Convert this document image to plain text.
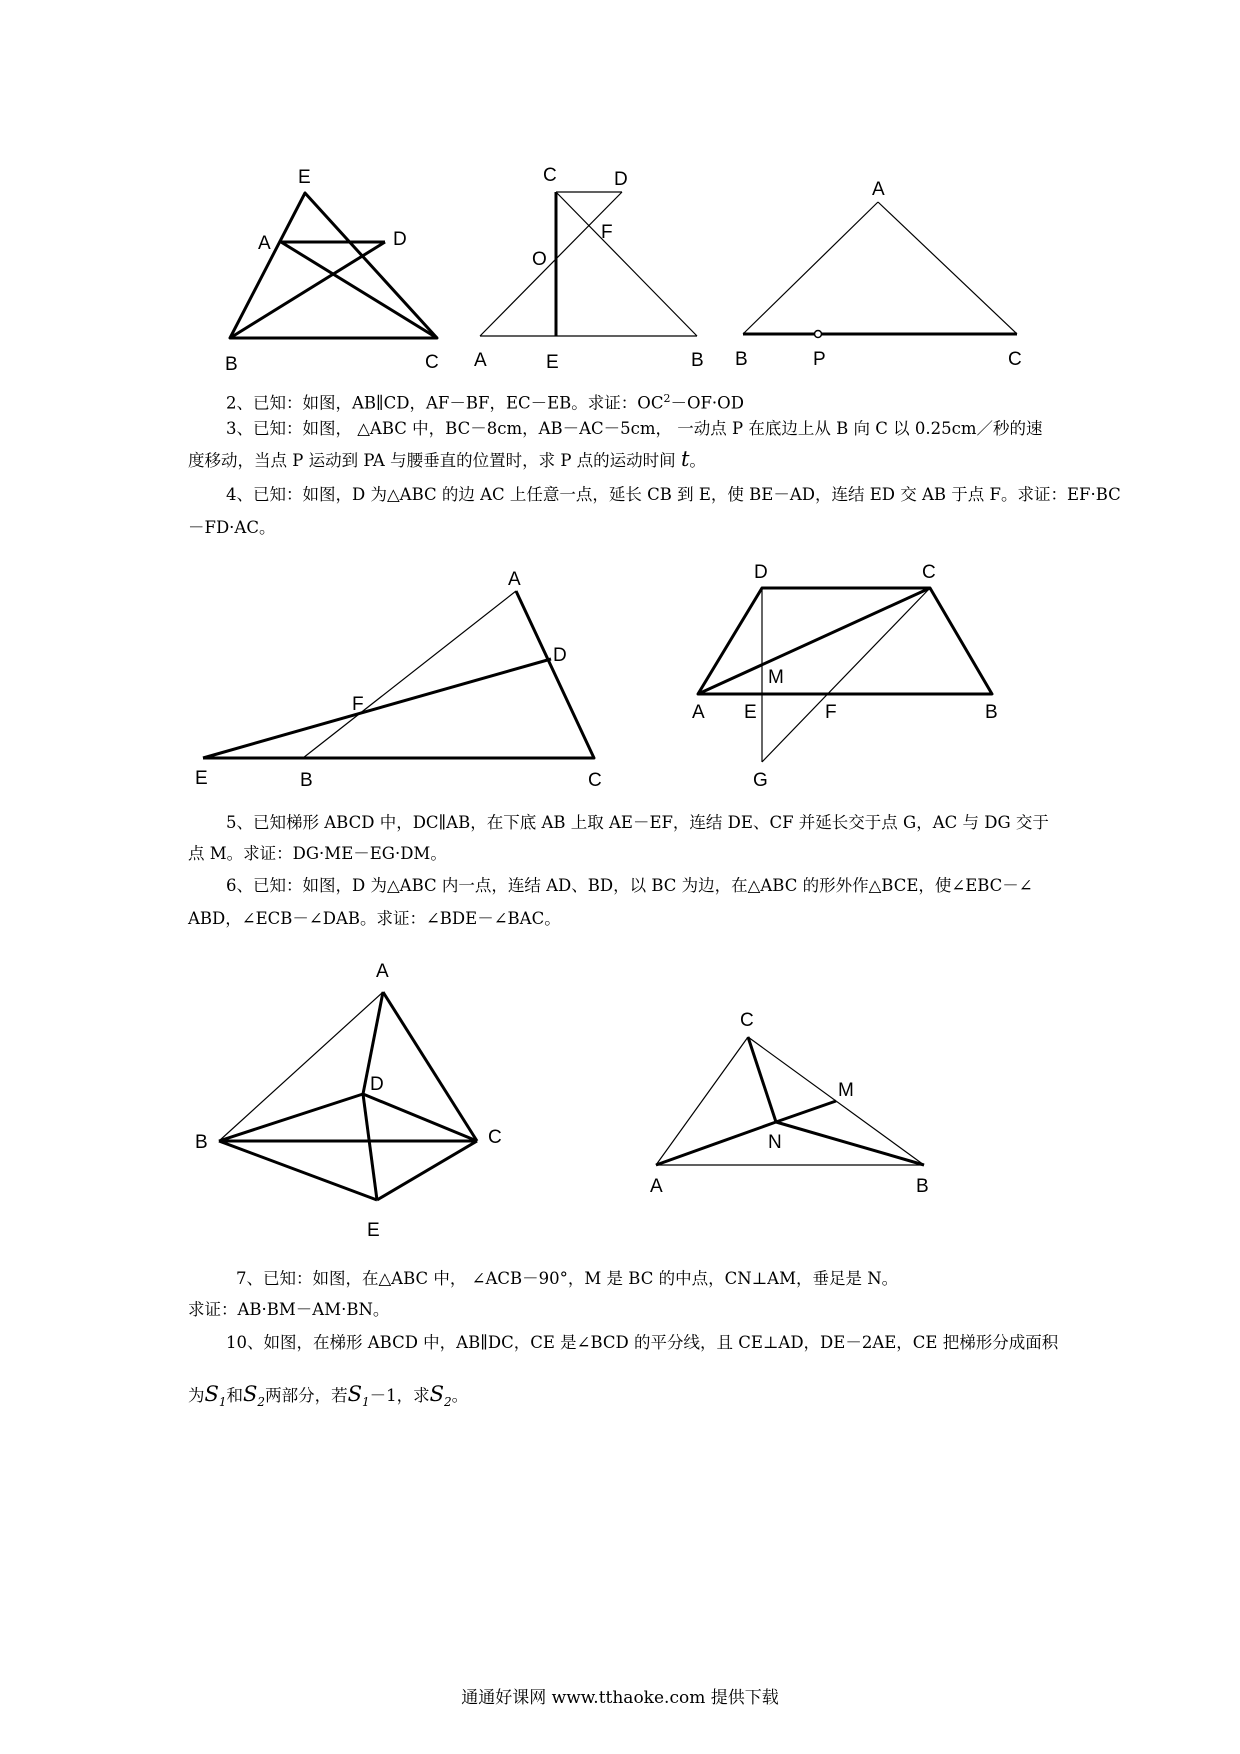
E
A	D
B	C
C	D
F
O
A	E	B
A
B	P	C
A
D
F
E	B	C
D	C
M
A E	F	B
G
A
D
B	C
E
C
M
N
A	B
2、已知：如图，AB∥CD，AF－BF，EC－EB。求证：$OC^2-OF\cdot OD$
3、已知：如图， △ABC 中，BC－8cm，AB－AC－5cm， 一动点 P 在底边上从 B 向 C 以 0.25cm／秒的速
度移动，当点 P 运动到 PA 与腰垂直的位置时，求 P 点的运动时间 t。
4、已知：如图，D 为△ABC 的边 AC 上任意一点，延长 CB 到 E，使 BE－AD，连结 ED 交 AB 于点 F。求证：EF·BC
－FD·AC。
5、已知梯形 ABCD 中，DC∥AB，在下底 AB 上取 AE－EF，连结 DE、CF 并延长交于点 G，AC 与 DG 交于
点 M。求证：DG·ME－EG·DM。
6、已知：如图，D 为△ABC 内一点，连结 AD、BD，以 BC 为边，在△ABC 的形外作△BCE，使∠EBC－∠
ABD，∠ECB－∠DAB。求证：∠BDE－∠BAC。
7、已知：如图，在△ABC 中， ∠ACB－90°，M 是 BC 的中点，CN⊥AM，垂足是 N。
求证：AB·BM－AM·BN。
10、如图，在梯形 ABCD 中，AB∥DC，CE 是∠BCD 的平分线，且 CE⊥AD，DE－2AE，CE 把梯形分成面积
为$S_1$和$S_2$两部分，若$S_1-1$，求$S_2$。
通通好课网 www.tthaoke.com 提供下载
